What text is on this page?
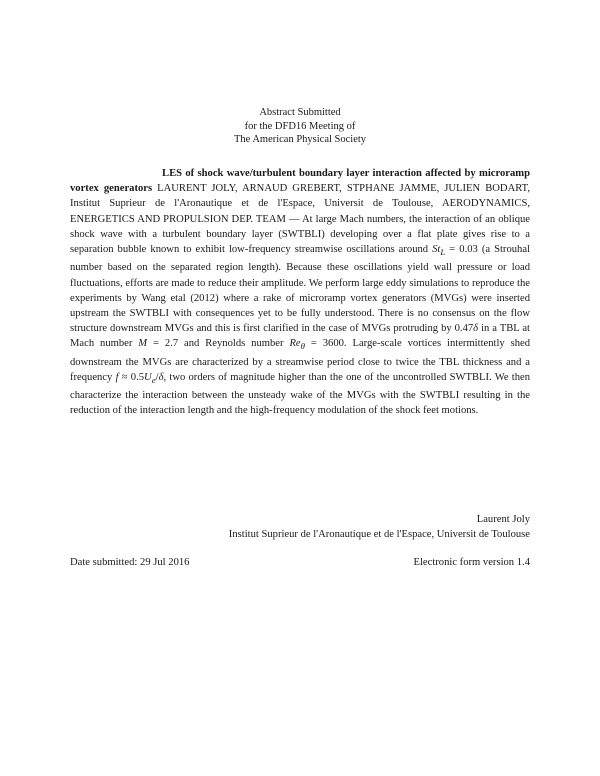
Abstract Submitted
for the DFD16 Meeting of
The American Physical Society
LES of shock wave/turbulent boundary layer interaction affected by microramp vortex generators LAURENT JOLY, ARNAUD GREBERT, STPHANE JAMME, JULIEN BODART, Institut Suprieur de l'Aronautique et de l'Espace, Universit de Toulouse, AERODYNAMICS, ENERGETICS AND PROPULSION DEP. TEAM — At large Mach numbers, the interaction of an oblique shock wave with a turbulent boundary layer (SWTBLI) developing over a flat plate gives rise to a separation bubble known to exhibit low-frequency streamwise oscillations around $St_L = 0.03$ (a Strouhal number based on the separated region length). Because these oscillations yield wall pressure or load fluctuations, efforts are made to reduce their amplitude. We perform large eddy simulations to reproduce the experiments by Wang etal (2012) where a rake of microramp vortex generators (MVGs) were inserted upstream the SWTBLI with consequences yet to be fully understood. There is no consensus on the flow structure downstream MVGs and this is first clarified in the case of MVGs protruding by 0.47δ in a TBL at Mach number M = 2.7 and Reynolds number $Re_\theta = 3600$. Large-scale vortices intermittently shed downstream the MVGs are characterized by a streamwise period close to twice the TBL thickness and a frequency $f \approx 0.5U_e/\delta$, two orders of magnitude higher than the one of the uncontrolled SWTBLI. We then characterize the interaction between the unsteady wake of the MVGs with the SWTBLI resulting in the reduction of the interaction length and the high-frequency modulation of the shock feet motions.
Laurent Joly
Institut Suprieur de l'Aronautique et de l'Espace, Universit de Toulouse
Date submitted: 29 Jul 2016	Electronic form version 1.4
